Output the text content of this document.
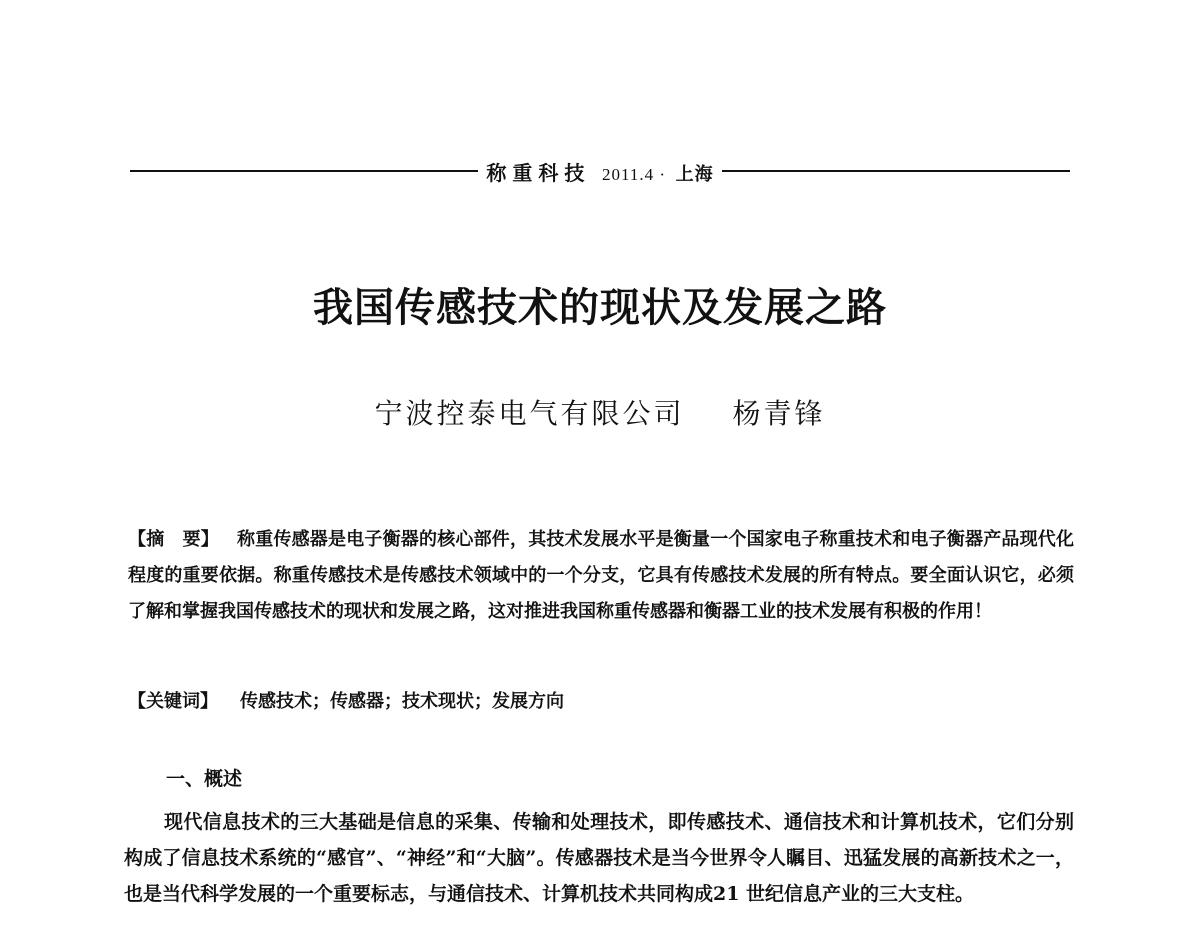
称重科技 2011.4 · 上海
我国传感技术的现状及发展之路
宁波控泰电气有限公司 杨青锋
【摘　要】 称重传感器是电子衡器的核心部件，其技术发展水平是衡量一个国家电子称重技术和电子衡器产品现代化程度的重要依据。称重传感技术是传感技术领域中的一个分支，它具有传感技术发展的所有特点。要全面认识它，必须了解和掌握我国传感技术的现状和发展之路，这对推进我国称重传感器和衡器工业的技术发展有积极的作用！
【关键词】 传感技术；传感器；技术现状；发展方向
一、概述

现代信息技术的三大基础是信息的采集、传输和处理技术，即传感技术、通信技术和计算机技术，它们分别构成了信息技术系统的“感官”、“神经”和“大脑”。传感器技术是当今世界令人瞩目、迅猛发展的高新技术之一，也是当代科学发展的一个重要标志，与通信技术、计算机技术共同构成21 世纪信息产业的三大支柱。
